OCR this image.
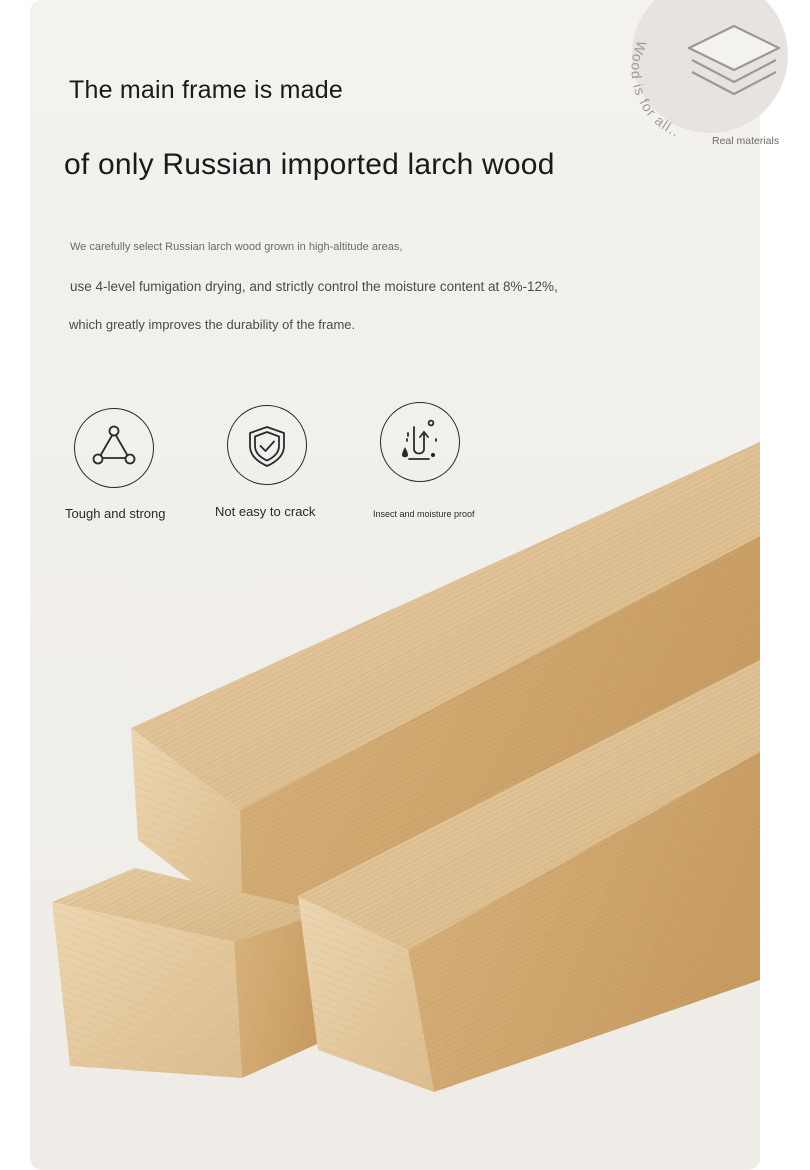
Wood is for all..
Real materials
The main frame is made
of only Russian imported larch wood

We carefully select Russian larch wood grown in high-altitude areas,

use 4-level fumigation drying, and strictly control the moisture content at 8%-12%,

which greatly improves the durability of the frame.

Tough and strong	Not easy to crack	Insect and moisture proof
